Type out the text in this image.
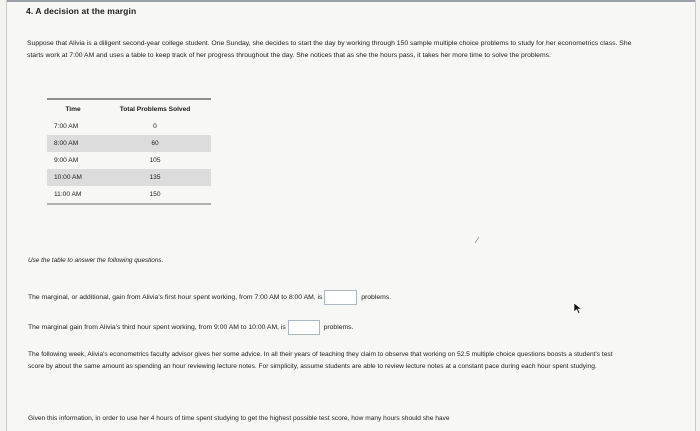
4. A decision at the margin
Suppose that Alivia is a diligent second-year college student. One Sunday, she decides to start the day by working through 150 sample multiple choice problems to study for her econometrics class. She starts work at 7:00 AM and uses a table to keep track of her progress throughout the day. She notices that as she the hours pass, it takes her more time to solve the problems.
Time	Total Problems Solved
7:00 AM	0
8:00 AM	60
9:00 AM	105
10:00 AM	135
11:00 AM	150
Use the table to answer the following questions.
The marginal, or additional, gain from Alivia's first hour spent working, from 7:00 AM to 8:00 AM, is	problems.
The marginal gain from Alivia's third hour spent working, from 9:00 AM to 10:00 AM, is	problems.
The following week, Alivia's econometrics faculty advisor gives her some advice. In all their years of teaching they claim to observe that working on 52.5 multiple choice questions boosts a student's test score by about the same amount as spending an hour reviewing lecture notes. For simplicity, assume students are able to review lecture notes at a constant pace during each hour spent studying.
Given this information, in order to use her 4 hours of time spent studying to get the highest possible test score, how many hours should she have
